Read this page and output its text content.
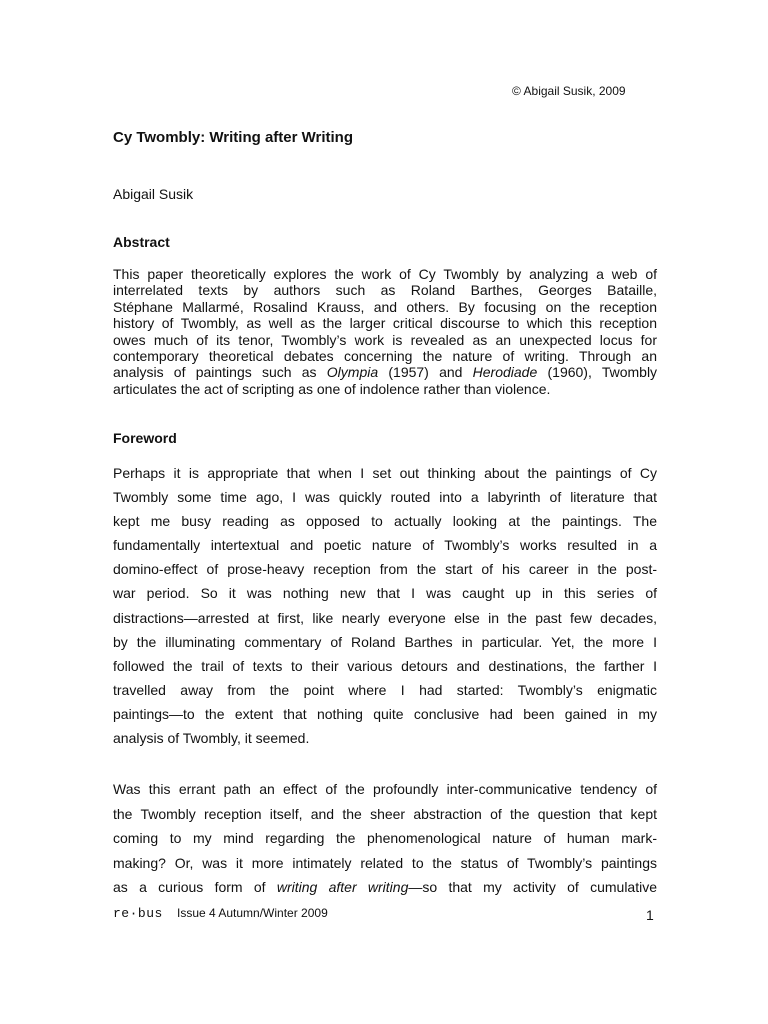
© Abigail Susik, 2009
Cy Twombly: Writing after Writing
Abigail Susik
Abstract
This paper theoretically explores the work of Cy Twombly by analyzing a web of
interrelated texts by authors such as Roland Barthes, Georges Bataille,
Stéphane Mallarmé, Rosalind Krauss, and others. By focusing on the reception
history of Twombly, as well as the larger critical discourse to which this reception
owes much of its tenor, Twombly’s work is revealed as an unexpected locus for
contemporary theoretical debates concerning the nature of writing. Through an
analysis of paintings such as Olympia (1957) and Herodiade (1960), Twombly
articulates the act of scripting as one of indolence rather than violence.
Foreword
Perhaps it is appropriate that when I set out thinking about the paintings of Cy
Twombly some time ago, I was quickly routed into a labyrinth of literature that
kept me busy reading as opposed to actually looking at the paintings. The
fundamentally intertextual and poetic nature of Twombly’s works resulted in a
domino-effect of prose-heavy reception from the start of his career in the post-
war period. So it was nothing new that I was caught up in this series of
distractions—arrested at first, like nearly everyone else in the past few decades,
by the illuminating commentary of Roland Barthes in particular. Yet, the more I
followed the trail of texts to their various detours and destinations, the farther I
travelled away from the point where I had started: Twombly’s enigmatic
paintings—to the extent that nothing quite conclusive had been gained in my
analysis of Twombly, it seemed.
Was this errant path an effect of the profoundly inter-communicative tendency of
the Twombly reception itself, and the sheer abstraction of the question that kept
coming to my mind regarding the phenomenological nature of human mark-
making? Or, was it more intimately related to the status of Twombly’s paintings
as a curious form of writing after writing—so that my activity of cumulative
re·bus Issue 4 Autumn/Winter 2009	1
